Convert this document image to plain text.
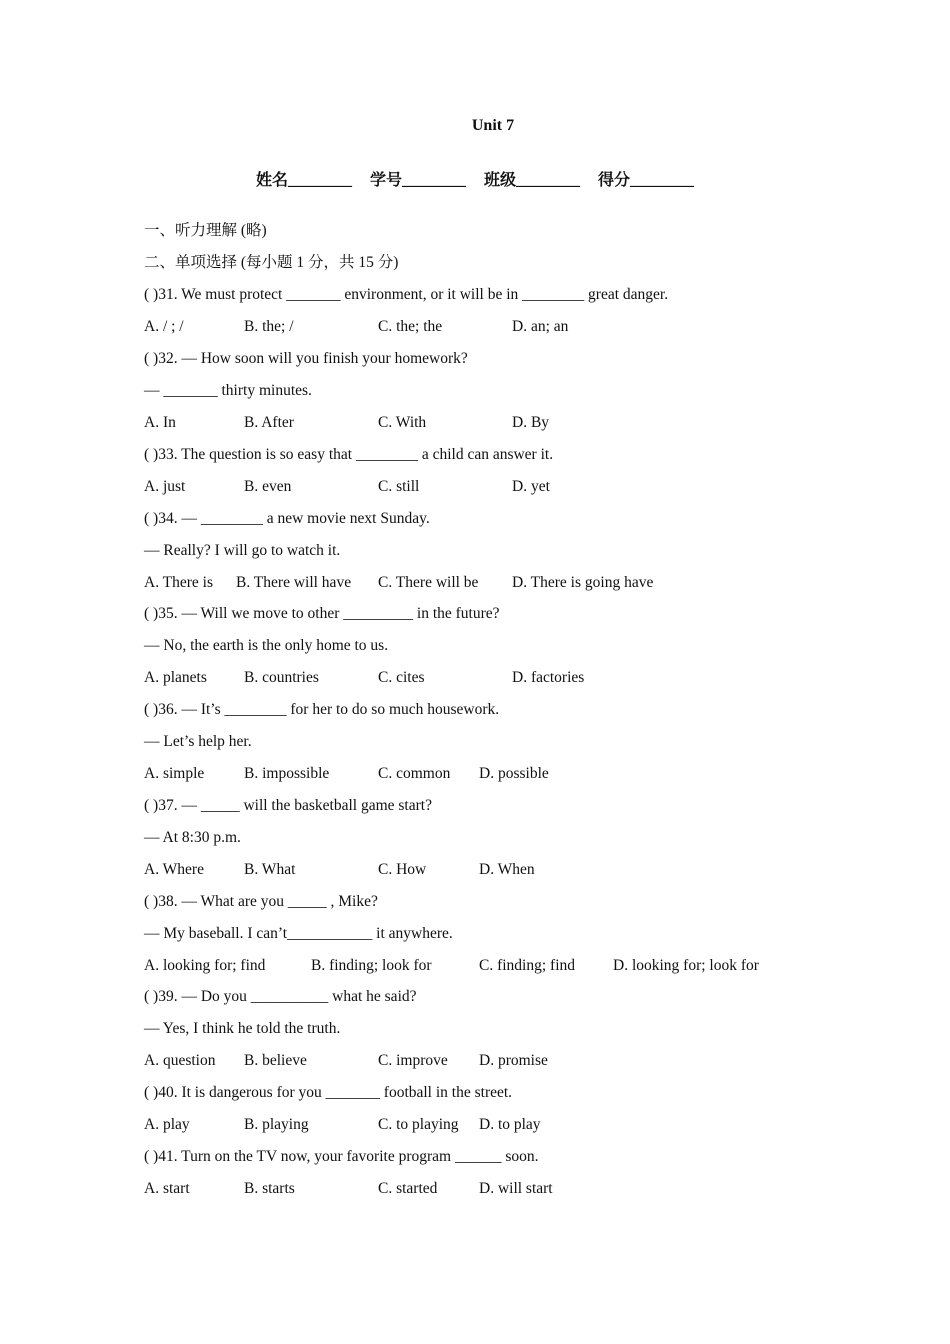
Unit 7
姓名________ 学号________ 班级________ 得分________
一、听力理解 (略)
二、单项选择 (每小题 1 分，共 15 分)
( )31. We must protect _______ environment, or it will be in ________ great danger.
A. / ; /	B. the; /	C. the; the	D. an; an
( )32. — How soon will you finish your homework?
— _______ thirty minutes.
A. In	B. After	C. With	D. By
( )33. The question is so easy that ________ a child can answer it.
A. just	B. even	C. still	D. yet
( )34. — ________ a new movie next Sunday.
— Really? I will go to watch it.
A. There is B. There will have C. There will be D. There is going have
( )35. — Will we move to other _________ in the future?
— No, the earth is the only home to us.
A. planets B. countries	C. cites	D. factories
( )36. — It’s ________ for her to do so much housework.
— Let’s help her.
A. simple	B. impossible	C. common D. possible
( )37. — _____ will the basketball game start?
— At 8:30 p.m.
A. Where	B. What	C. How	D. When
( )38. — What are you _____ , Mike?
— My baseball. I can’t___________ it anywhere.
A. looking for; find	B. finding; look for	C. finding; find D. looking for; look for
( )39. — Do you __________ what he said?
— Yes, I think he told the truth.
A. question B. believe	C. improve D. promise
( )40. It is dangerous for you _______ football in the street.
A. play	B. playing	C. to playing D. to play
( )41. Turn on the TV now, your favorite program ______ soon.
A. start	B. starts	C. started	D. will start
